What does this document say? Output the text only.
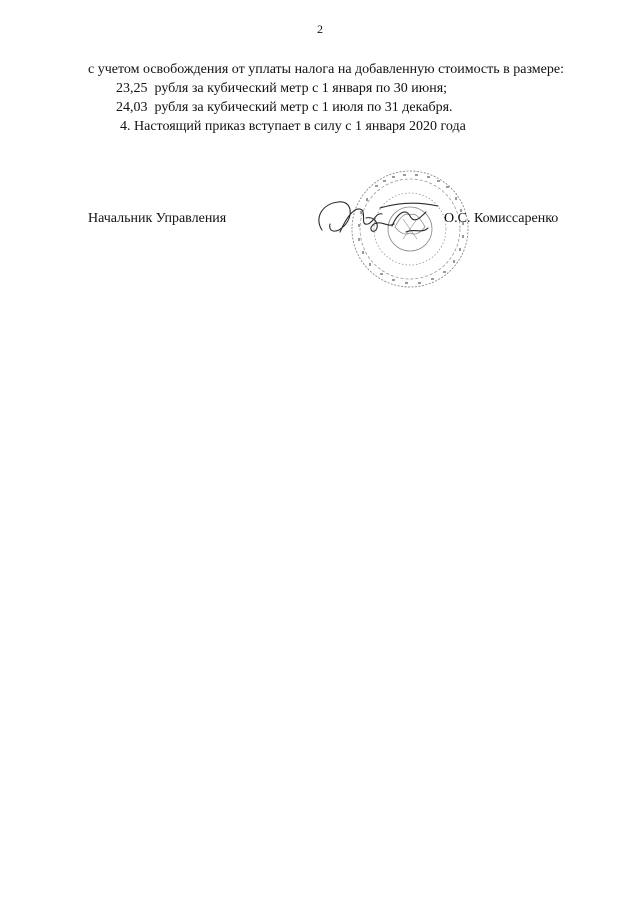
2

с учетом освобождения от уплаты налога на добавленную стоимость в размере:

23,25  рубля за кубический метр с 1 января по 30 июня;

24,03  рубля за кубический метр с 1 июля по 31 декабря.

4. Настоящий приказ вступает в силу с 1 января 2020 года

Начальник Управления	О.С. Комиссаренко
